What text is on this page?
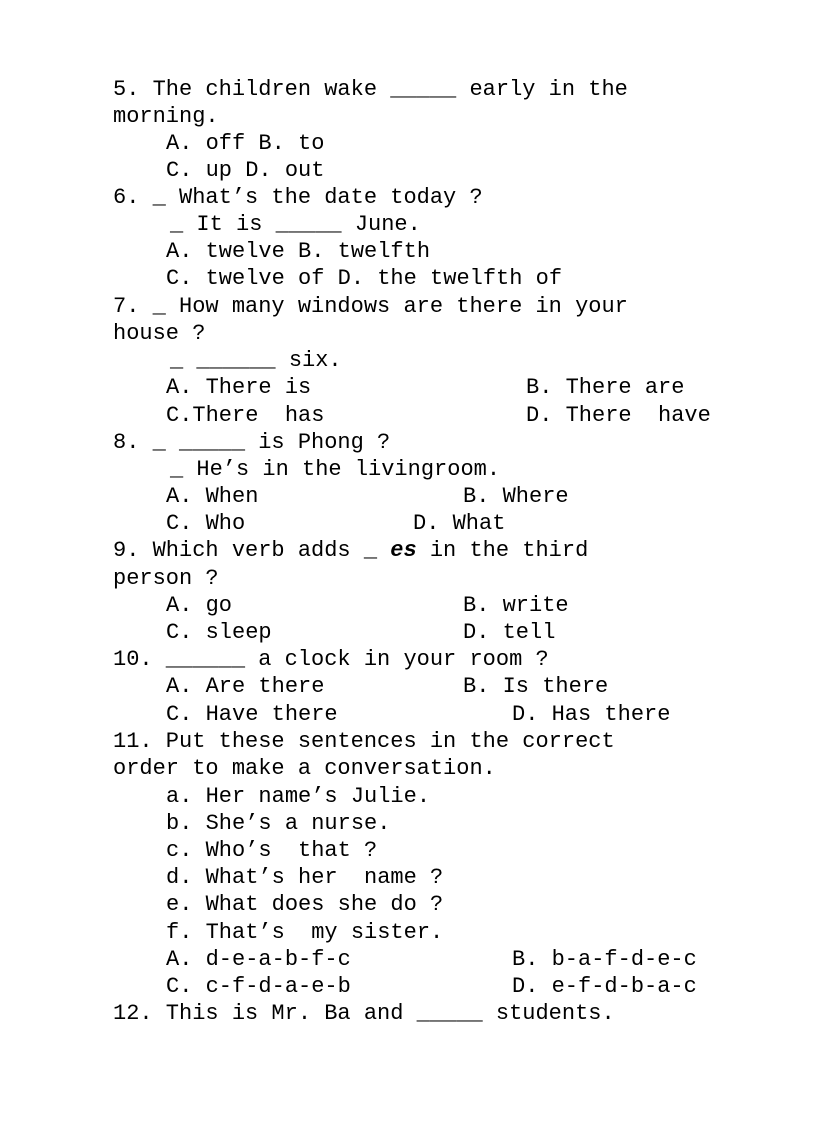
5. The children wake _____ early in the
morning.
A. off B. to
C. up D. out
6. _ What’s the date today ?
_ It is _____ June.
A. twelve B. twelfth
C. twelve of D. the twelfth of
7. _ How many windows are there in your
house ?
_ ______ six.
A. There is	B. There are
C.There  has	D. There  have
8. _ _____ is Phong ?
_ He’s in the livingroom.
A. When	B. Where
C. Who	D. What
9. Which verb adds _ es in the third
person ?
A. go	B. write
C. sleep	D. tell
10. ______ a clock in your room ?
A. Are there	B. Is there
C. Have there	D. Has there
11. Put these sentences in the correct
order to make a conversation.
a. Her name’s Julie.
b. She’s a nurse.
c. Who’s  that ?
d. What’s her  name ?
e. What does she do ?
f. That’s  my sister.
A. d-e-a-b-f-c	B. b-a-f-d-e-c
C. c-f-d-a-e-b	D. e-f-d-b-a-c
12. This is Mr. Ba and _____ students.
